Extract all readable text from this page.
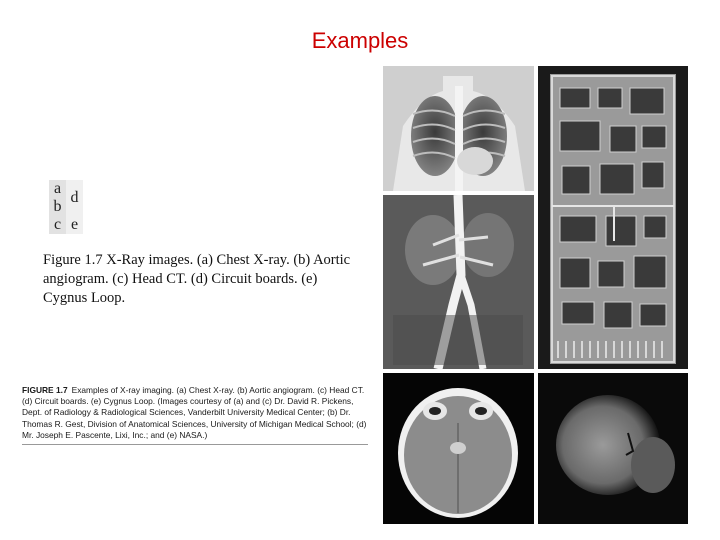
Examples
a	d
b	
c	e
Figure 1.7 X-Ray images. (a) Chest X-ray. (b) Aortic angiogram. (c) Head CT. (d) Circuit boards. (e) Cygnus Loop.
FIGURE 1.7 Examples of X-ray imaging. (a) Chest X-ray. (b) Aortic angiogram. (c) Head CT. (d) Circuit boards. (e) Cygnus Loop. (Images courtesy of (a) and (c) Dr. David R. Pickens, Dept. of Radiology & Radiological Sciences, Vanderbilt University Medical Center; (b) Dr. Thomas R. Gest, Division of Anatomical Sciences, University of Michigan Medical School; (d) Mr. Joseph E. Pascente, Lixi, Inc.; and (e) NASA.)
